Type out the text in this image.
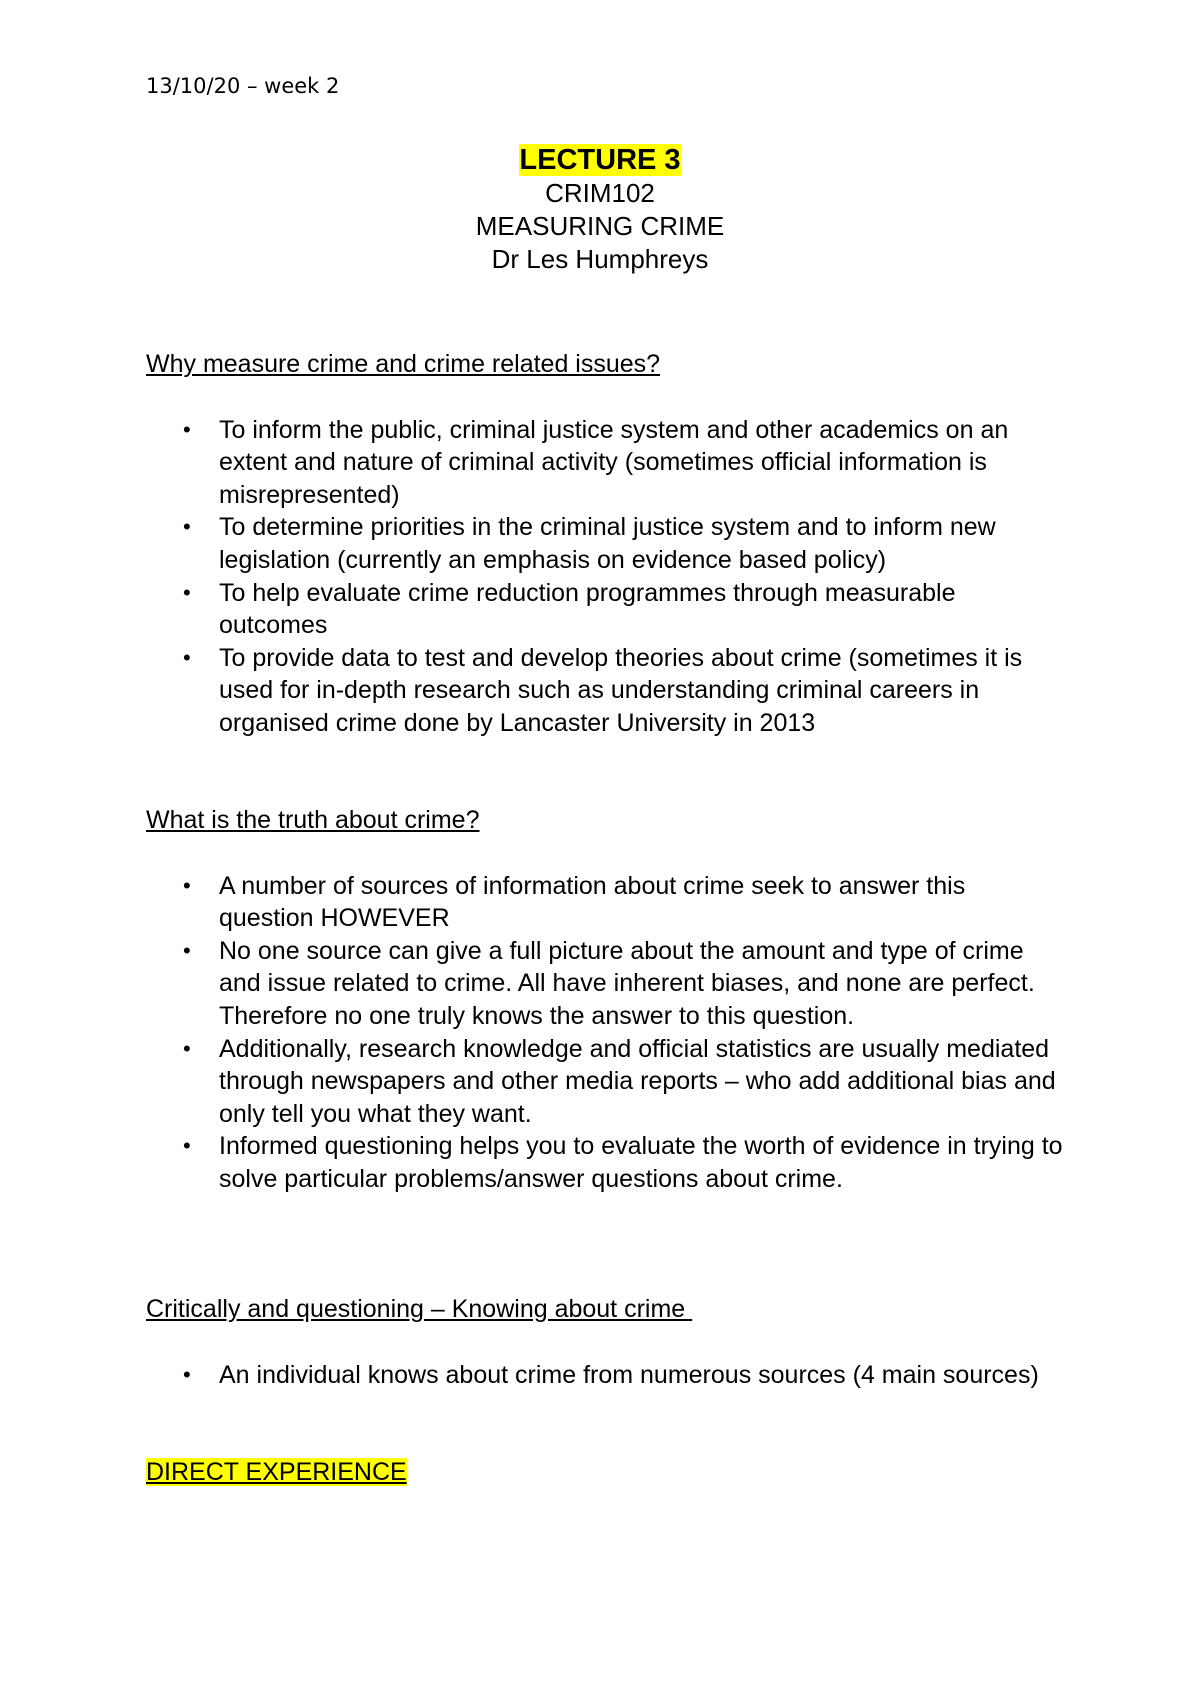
13/10/20 – week 2
LECTURE 3
CRIM102
MEASURING CRIME
Dr Les Humphreys

Why measure crime and crime related issues?

• To inform the public, criminal justice system and other academics on an extent and nature of criminal activity (sometimes official information is misrepresented)
• To determine priorities in the criminal justice system and to inform new legislation (currently an emphasis on evidence based policy)
• To help evaluate crime reduction programmes through measurable outcomes
• To provide data to test and develop theories about crime (sometimes it is used for in-depth research such as understanding criminal careers in organised crime done by Lancaster University in 2013

What is the truth about crime?

• A number of sources of information about crime seek to answer this question HOWEVER
• No one source can give a full picture about the amount and type of crime and issue related to crime. All have inherent biases, and none are perfect. Therefore no one truly knows the answer to this question.
• Additionally, research knowledge and official statistics are usually mediated through newspapers and other media reports – who add additional bias and only tell you what they want.
• Informed questioning helps you to evaluate the worth of evidence in trying to solve particular problems/answer questions about crime.

Critically and questioning – Knowing about crime

• An individual knows about crime from numerous sources (4 main sources)
DIRECT EXPERIENCE
